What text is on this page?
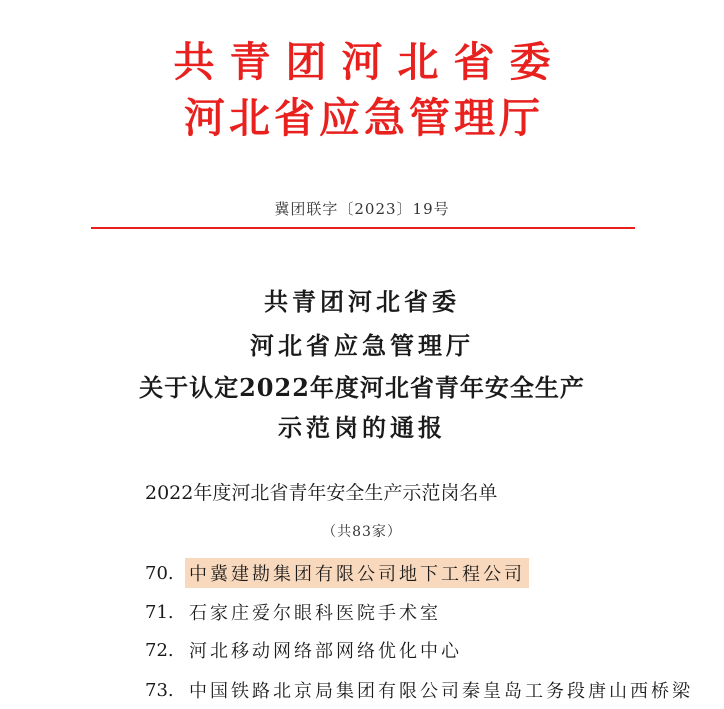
共青团河北省委
河北省应急管理厅
冀团联字〔2023〕19号
共青团河北省委
河北省应急管理厅
关于认定2022年度河北省青年安全生产
示范岗的通报
2022年度河北省青年安全生产示范岗名单
（共83家）
70. 中冀建勘集团有限公司地下工程公司
71. 石家庄爱尔眼科医院手术室
72. 河北移动网络部网络优化中心
73. 中国铁路北京局集团有限公司秦皇岛工务段唐山西桥梁
